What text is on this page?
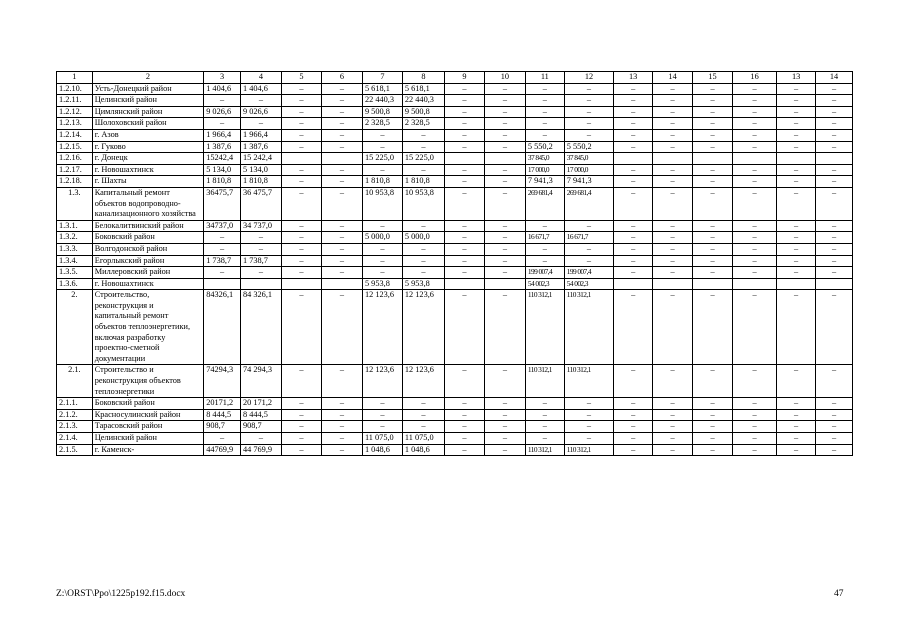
1	2	3	4	5	6	7	8	9	10	11	12	13	14	15	16	13	14
1.2.10.	Усть-Донецкий район	1 404,6	1 404,6	–	–	5 618,1	5 618,1	–	–	–	–	–	–	–	–	–	–
1.2.11.	Целинский район	–	–	–	–	22 440,3	22 440,3	–	–	–	–	–	–	–	–	–	–
1.2.12.	Цимлянский район	9 026,6	9 026,6	–	–	9 500,8	9 500,8	–	–	–	–	–	–	–	–	–	–
1.2.13.	Шолоховский район	–	–	–	–	2 328,5	2 328,5	–	–	–	–	–	–	–	–	–	–
1.2.14.	г. Азов	1 966,4	1 966,4	–	–	–	–	–	–	–	–	–	–	–	–	–	–
1.2.15.	г. Гуково	1 387,6	1 387,6	–	–	–	–	–	–	5 550,2	5 550,2	–	–	–	–	–	–
1.2.16.	г. Донецк	15242,4	15 242,4			15 225,0	15 225,0			37 845,0	37 845,0						
1.2.17.	г. Новошахтинск	5 134,0	5 134,0	–	–	–	–	–	–	17 000,0	17 000,0	–	–	–	–	–	–
1.2.18.	г. Шахты	1 810,8	1 810,8	–	–	1 810,8	1 810,8	–	–	7 941,3	7 941,3	–	–	–	–	–	–
1.3.	Капитальный ремонт объектов водопроводно-канализационного хозяйства	36475,7	36 475,7	–	–	10 953,8	10 953,8	–	–	269 681,4	269 681,4	–	–	–	–	–	–
1.3.1.	Белокалитвинский район	34737,0	34 737,0	–	–	–	–	–	–	–	–	–	–	–	–	–	–
1.3.2.	Боковский район	–	–	–	–	5 000,0	5 000,0	–	–	16 671,7	16 671,7	–	–	–	–	–	–
1.3.3.	Волгодонской район	–	–	–	–	–	–	–	–	–	–	–	–	–	–	–	–
1.3.4.	Егорлыкский район	1 738,7	1 738,7	–	–	–	–	–	–	–	–	–	–	–	–	–	–
1.3.5.	Миллеровский район	–	–	–	–	–	–	–	–	199 007,4	199 007,4	–	–	–	–	–	–
1.3.6.	г. Новошахтинск					5 953,8	5 953,8			54 002,3	54 002,3						
2.	Строительство, реконструкция и капитальный ремонт объектов теплоэнергетики, включая разработку проектно-сметной документации	84326,1	84 326,1	–	–	12 123,6	12 123,6	–	–	110 312,1	110 312,1	–	–	–	–	–	–
2.1.	Строительство и реконструкция объектов теплоэнергетики	74294,3	74 294,3	–	–	12 123,6	12 123,6	–	–	110 312,1	110 312,1	–	–	–	–	–	–
2.1.1.	Боковский район	20171,2	20 171,2	–	–	–	–	–	–	–	–	–	–	–	–	–	–
2.1.2.	Красносулинский район	8 444,5	8 444,5	–	–	–	–	–	–	–	–	–	–	–	–	–	–
2.1.3.	Тарасовский район	908,7	908,7	–	–	–	–	–	–	–	–	–	–	–	–	–	–
2.1.4.	Целинский район	–	–	–	–	11 075,0	11 075,0	–	–	–	–	–	–	–	–	–	–
2.1.5.	г. Каменск-	44769,9	44 769,9	–	–	1 048,6	1 048,6	–	–	110 312,1	110 312,1	–	–	–	–	–	–
Z:\ORST\Ppo\1225p192.f15.docx	47
